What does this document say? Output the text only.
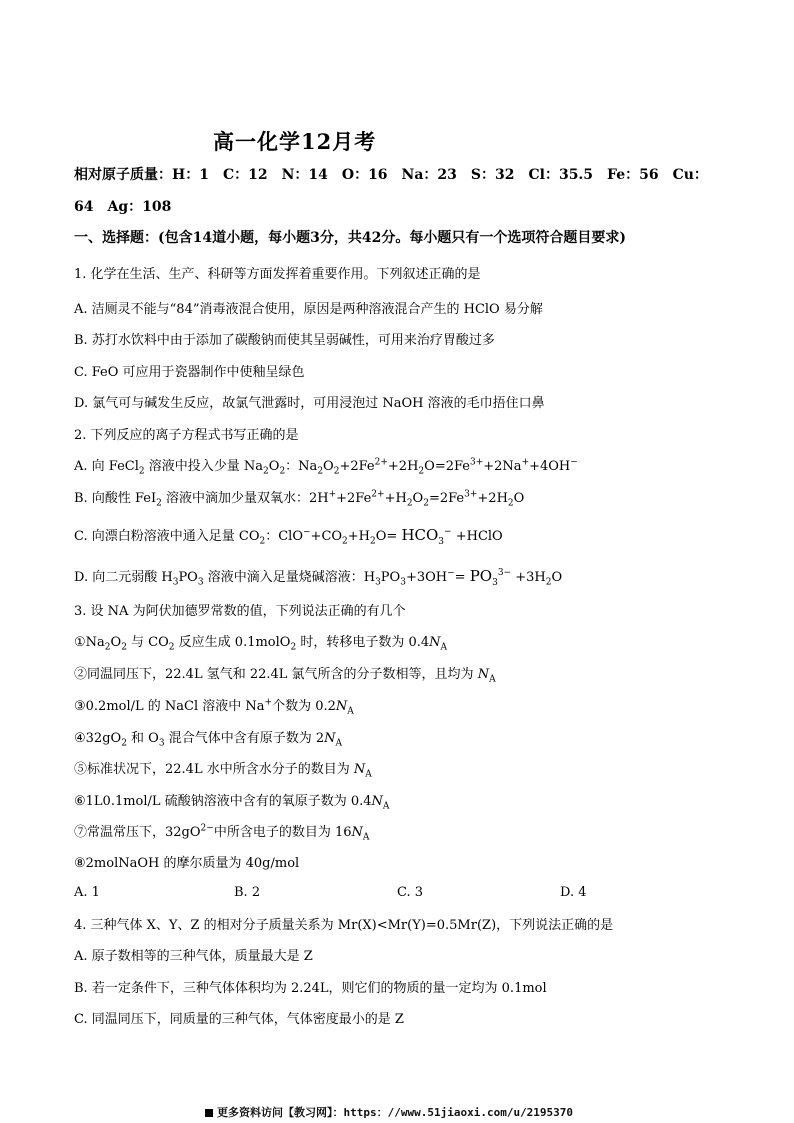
高一化学12月考
相对原子质量：H：1　C：12　N：14　O：16　Na：23　S：32　Cl：35.5　Fe：56　Cu：
64　Ag：108
一、选择题：(包含14道小题，每小题3分，共42分。每小题只有一个选项符合题目要求)
1. 化学在生活、生产、科研等方面发挥着重要作用。下列叙述正确的是
A. 洁厕灵不能与“84”消毒液混合使用，原因是两种溶液混合产生的 HClO 易分解
B. 苏打水饮料中由于添加了碳酸钠而使其呈弱碱性，可用来治疗胃酸过多
C. FeO 可应用于瓷器制作中使釉呈绿色
D. 氯气可与碱发生反应，故氯气泄露时，可用浸泡过 NaOH 溶液的毛巾捂住口鼻
2. 下列反应的离子方程式书写正确的是
A. 向 FeCl$_2$ 溶液中投入少量 $Na_2O_2$：$Na_2O_2+2Fe^{2+}+2H_2O=2Fe^{3+}+2Na^++4OH^-$
B. 向酸性 FeI$_2$ 溶液中滴加少量双氧水：$2H^++2Fe^{2+}+H_2O_2=2Fe^{3+}+2H_2O$
C. 向漂白粉溶液中通入足量 $CO_2$：$ClO^-+CO_2+H_2O= HCO_3^-$ +HClO
D. 向二元弱酸 $H_3PO_3$ 溶液中滴入足量烧碱溶液：$H_3PO_3+3OH^-= PO_3^{3-} +3H_2O$
3. 设 NA 为阿伏加德罗常数的值，下列说法正确的有几个
$①Na_2O_2$ 与 $CO_2$ 反应生成 0.1molO$_2$ 时，转移电子数为 $0.4N_A$
②同温同压下，22.4L 氢气和 22.4L 氯气所含的分子数相等，且均为 $N_A$
③0.2mol/L 的 NaCl 溶液中 Na+个数为 $0.2N_A$
$④32gO_2$ 和 $O_3$ 混合气体中含有原子数为 $2N_A$
⑤标准状况下，22.4L 水中所含水分子的数目为 $N_A$
⑥1L0.1mol/L 硫酸钠溶液中含有的氧原子数为 $0.4N_A$
⑦常温常压下，$32gO^{2-}$中所含电子的数目为 $16N_A$
⑧2molNaOH 的摩尔质量为 40g/mol
A. 1	B. 2	C. 3	D. 4
4. 三种气体 X、Y、Z 的相对分子质量关系为 Mr(X)<Mr(Y)=0.5Mr(Z)，下列说法正确的是
A. 原子数相等的三种气体，质量最大是 Z
B. 若一定条件下，三种气体体积均为 2.24L，则它们的物质的量一定均为 0.1mol
C. 同温同压下，同质量的三种气体，气体密度最小的是 Z
更多资料访问【教习网】：https：//www.51jiaoxi.com/u/2195370
